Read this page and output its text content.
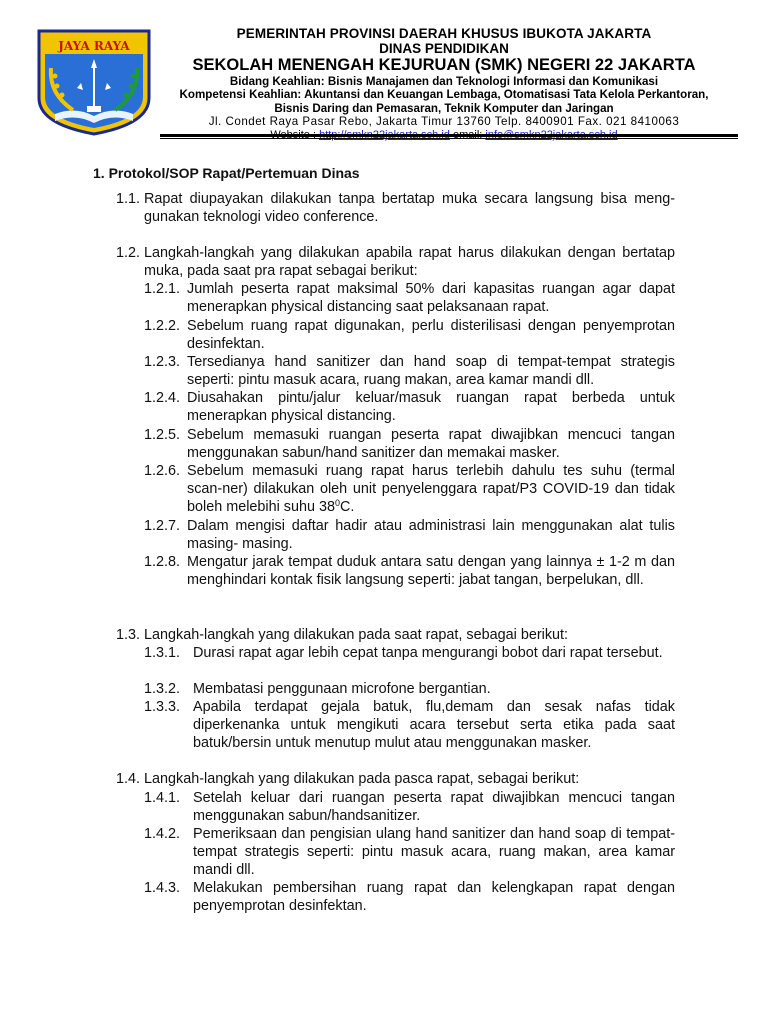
JAYA RAYA
PEMERINTAH PROVINSI DAERAH KHUSUS IBUKOTA JAKARTA
DINAS PENDIDIKAN
SEKOLAH MENENGAH KEJURUAN (SMK) NEGERI 22 JAKARTA
Bidang Keahlian: Bisnis Manajamen dan Teknologi Informasi dan Komunikasi
Kompetensi Keahlian: Akuntansi dan Keuangan Lembaga, Otomatisasi Tata Kelola Perkantoran,
Bisnis Daring dan Pemasaran, Teknik Komputer dan Jaringan
Jl. Condet Raya Pasar Rebo, Jakarta Timur 13760 Telp. 8400901 Fax. 021 8410063
1. Protokol/SOP Rapat/Pertemuan Dinas
1.1. Rapat diupayakan dilakukan tanpa bertatap muka secara langsung bisa meng- gunakan teknologi video conference.
1.2. Langkah-langkah yang dilakukan apabila rapat harus dilakukan dengan bertatap muka, pada saat pra rapat sebagai berikut:
1.2.1. Jumlah peserta rapat maksimal 50% dari kapasitas ruangan agar dapat menerapkan physical distancing saat pelaksanaan rapat.
1.2.2. Sebelum ruang rapat digunakan, perlu disterilisasi dengan penyemprotan desinfektan.
1.2.3. Tersedianya hand sanitizer dan hand soap di tempat-tempat strategis seperti: pintu masuk acara, ruang makan, area kamar mandi dll.
1.2.4. Diusahakan pintu/jalur keluar/masuk ruangan rapat berbeda untuk menerapkan physical distancing.
1.2.5. Sebelum memasuki ruangan peserta rapat diwajibkan mencuci tangan menggunakan sabun/hand sanitizer dan memakai masker.
1.2.6. Sebelum memasuki ruang rapat harus terlebih dahulu tes suhu (termal scan-ner) dilakukan oleh unit penyelenggara rapat/P3 COVID-19 dan tidak boleh melebihi suhu $38^0C$.
1.2.7. Dalam mengisi daftar hadir atau administrasi lain menggunakan alat tulis masing- masing.
1.2.8. Mengatur jarak tempat duduk antara satu dengan yang lainnya ± 1-2 m dan menghindari kontak fisik langsung seperti: jabat tangan, berpelukan, dll.
1.3. Langkah-langkah yang dilakukan pada saat rapat, sebagai berikut:
1.3.1. Durasi rapat agar lebih cepat tanpa mengurangi bobot dari rapat tersebut.
1.3.2. Membatasi penggunaan microfone bergantian.
1.3.3. Apabila terdapat gejala batuk, flu,demam dan sesak nafas tidak diperkenanka untuk mengikuti acara tersebut serta etika pada saat batuk/bersin untuk menutup mulut atau menggunakan masker.
1.4. Langkah-langkah yang dilakukan pada pasca rapat, sebagai berikut:
1.4.1. Setelah keluar dari ruangan peserta rapat diwajibkan mencuci tangan menggunakan sabun/handsanitizer.
1.4.2. Pemeriksaan dan pengisian ulang hand sanitizer dan hand soap di tempat-tempat strategis seperti: pintu masuk acara, ruang makan, area kamar mandi dll.
1.4.3. Melakukan pembersihan ruang rapat dan kelengkapan rapat dengan penyemprotan desinfektan.
